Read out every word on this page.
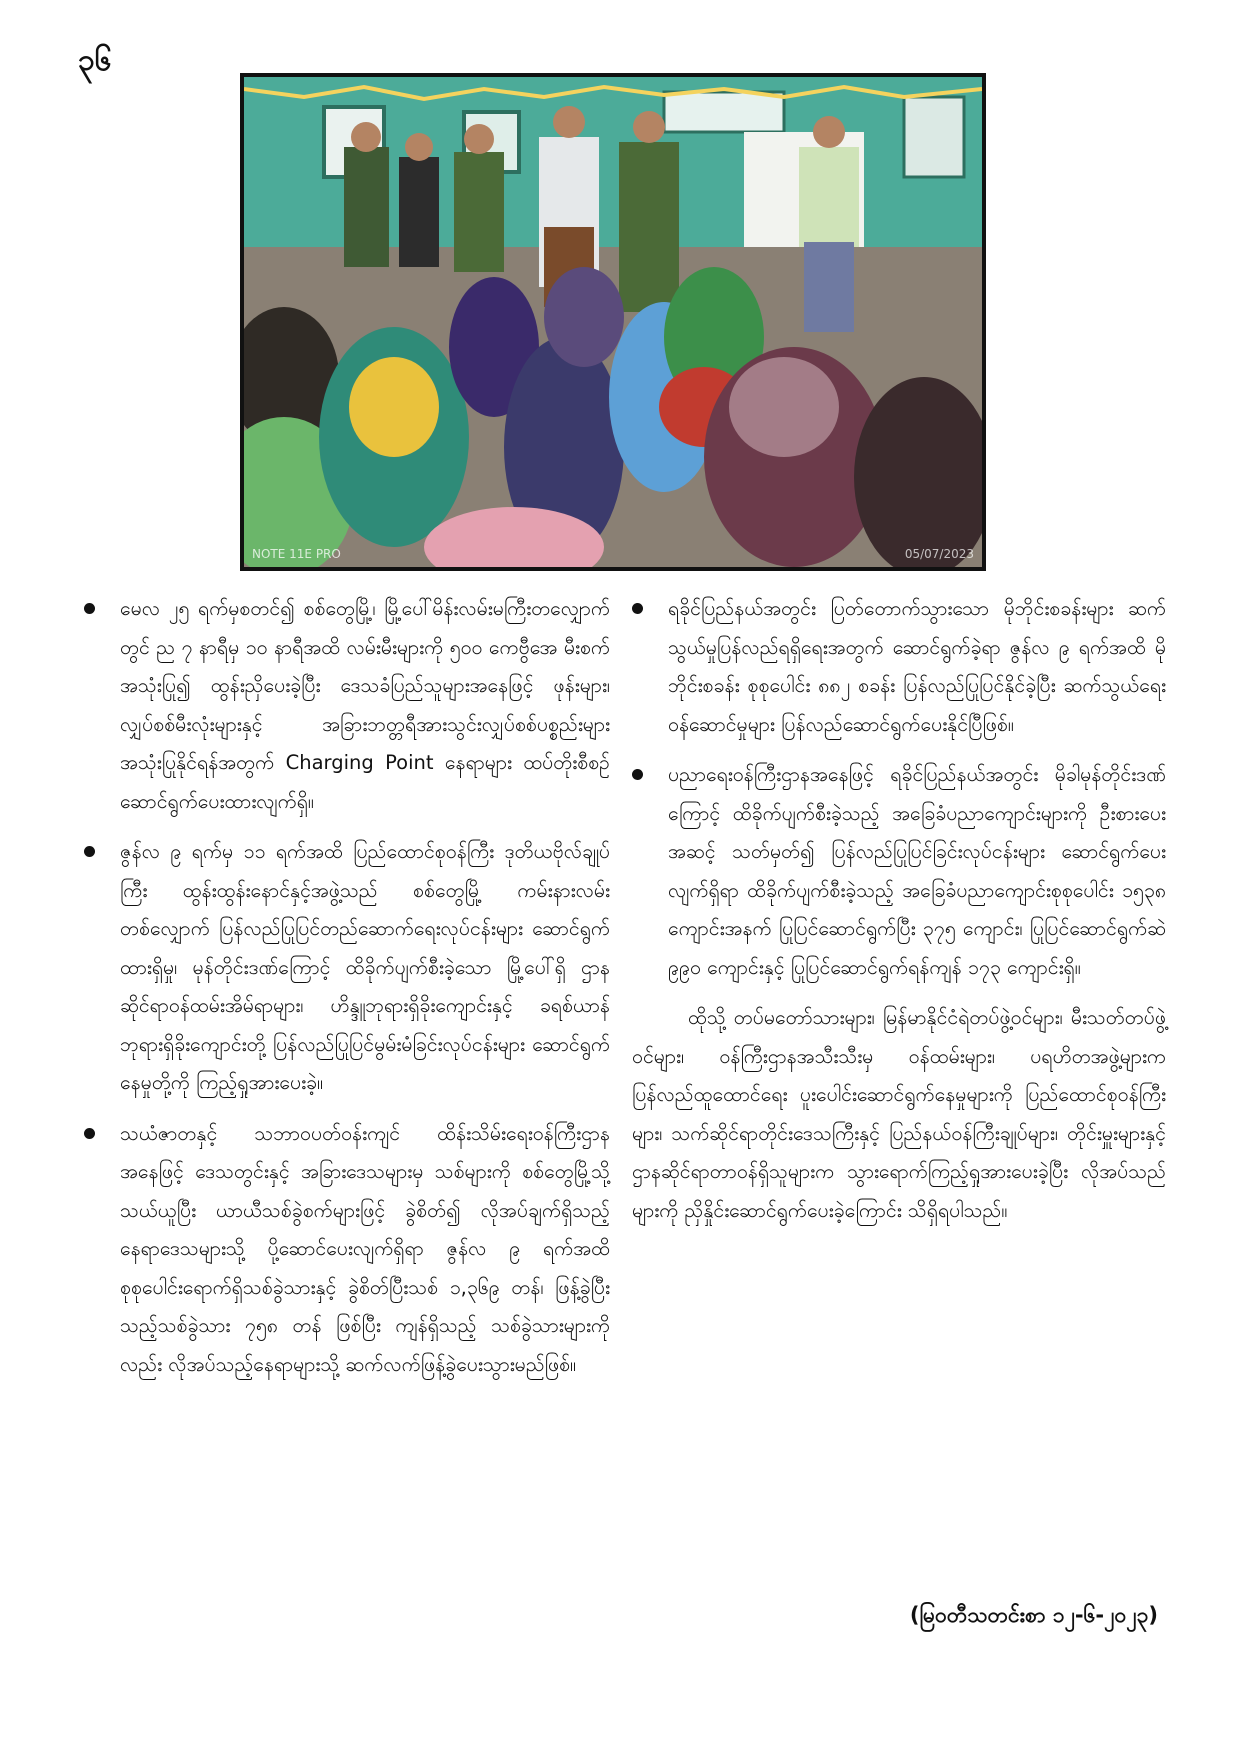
၃၆
NOTE 11E PRO	05/07/2023
မေလ ၂၅ ရက်မှစတင်၍ စစ်တွေမြို့၊ မြို့ပေါ်မိန်းလမ်းမကြီးတလျှောက်တွင် ည ၇ နာရီမှ ၁၀ နာရီအထိ လမ်းမီးများကို ၅၀၀ ကေဗွီအေ မီးစက်အသုံးပြု၍ ထွန်းညှိပေးခဲ့ပြီး ဒေသခံပြည်သူများအနေဖြင့် ဖုန်းများ၊ လျှပ်စစ်မီးလုံးများနှင့် အခြားဘတ္တရီအားသွင်းလျှပ်စစ်ပစ္စည်းများ အသုံးပြုနိုင်ရန်အတွက် Charging Point နေရာများ ထပ်တိုးစီစဉ်ဆောင်ရွက်ပေးထားလျက်ရှိ။
ဇွန်လ ၉ ရက်မှ ၁၁ ရက်အထိ ပြည်ထောင်စုဝန်ကြီး ဒုတိယဗိုလ်ချုပ်ကြီး ထွန်းထွန်းနောင်နှင့်အဖွဲ့သည် စစ်တွေမြို့ ကမ်းနားလမ်းတစ်လျှောက် ပြန်လည်ပြုပြင်တည်ဆောက်ရေးလုပ်ငန်းများ ဆောင်ရွက်ထားရှိမှု၊ မုန်တိုင်းဒဏ်ကြောင့် ထိခိုက်ပျက်စီးခဲ့သော မြို့ပေါ်ရှိ ဌာနဆိုင်ရာဝန်ထမ်းအိမ်ရာများ၊ ဟိန္ဒူဘုရားရှိခိုးကျောင်းနှင့် ခရစ်ယာန်ဘုရားရှိခိုးကျောင်းတို့ ပြန်လည်ပြုပြင်မွမ်းမံခြင်းလုပ်ငန်းများ ဆောင်ရွက်နေမှုတို့ကို ကြည့်ရှုအားပေးခဲ့။
သယံဇာတနှင့် သဘာဝပတ်ဝန်းကျင် ထိန်းသိမ်းရေးဝန်ကြီးဌာနအနေဖြင့် ဒေသတွင်းနှင့် အခြားဒေသများမှ သစ်များကို စစ်တွေမြို့သို့ သယ်ယူပြီး ယာယီသစ်ခွဲစက်များဖြင့် ခွဲစိတ်၍ လိုအပ်ချက်ရှိသည့် နေရာဒေသများသို့ ပို့ဆောင်ပေးလျက်ရှိရာ ဇွန်လ ၉ ရက်အထိ စုစုပေါင်းရောက်ရှိသစ်ခွဲသားနှင့် ခွဲစိတ်ပြီးသစ် ၁,၃၆၉ တန်၊ ဖြန့်ခွဲပြီးသည့်သစ်ခွဲသား ၇၅၈ တန် ဖြစ်ပြီး ကျန်ရှိသည့် သစ်ခွဲသားများကိုလည်း လိုအပ်သည့်နေရာများသို့ ဆက်လက်ဖြန့်ခွဲပေးသွားမည်ဖြစ်။
ရခိုင်ပြည်နယ်အတွင်း ပြတ်တောက်သွားသော မိုဘိုင်းစခန်းများ ဆက်သွယ်မှုပြန်လည်ရရှိရေးအတွက် ဆောင်ရွက်ခဲ့ရာ ဇွန်လ ၉ ရက်အထိ မိုဘိုင်းစခန်း စုစုပေါင်း ၈၈၂ စခန်း ပြန်လည်ပြုပြင်နိုင်ခဲ့ပြီး ဆက်သွယ်ရေးဝန်ဆောင်မှုများ ပြန်လည်ဆောင်ရွက်ပေးနိုင်ပြီဖြစ်။
ပညာရေးဝန်ကြီးဌာနအနေဖြင့် ရခိုင်ပြည်နယ်အတွင်း မိုခါမုန်တိုင်းဒဏ်ကြောင့် ထိခိုက်ပျက်စီးခဲ့သည့် အခြေခံပညာကျောင်းများကို ဦးစားပေးအဆင့် သတ်မှတ်၍ ပြန်လည်ပြုပြင်ခြင်းလုပ်ငန်းများ ဆောင်ရွက်ပေးလျက်ရှိရာ ထိခိုက်ပျက်စီးခဲ့သည့် အခြေခံပညာကျောင်းစုစုပေါင်း ၁၅၃၈ ကျောင်းအနက် ပြုပြင်ဆောင်ရွက်ပြီး ၃၇၅ ကျောင်း၊ ပြုပြင်ဆောင်ရွက်ဆဲ ၉၉၀ ကျောင်းနှင့် ပြုပြင်ဆောင်ရွက်ရန်ကျန် ၁၇၃ ကျောင်းရှိ။

ထိုသို့ တပ်မတော်သားများ၊ မြန်မာနိုင်ငံရဲတပ်ဖွဲ့ဝင်များ၊ မီးသတ်တပ်ဖွဲ့ဝင်များ၊ ဝန်ကြီးဌာနအသီးသီးမှ ဝန်ထမ်းများ၊ ပရဟိတအဖွဲ့များက ပြန်လည်ထူထောင်ရေး ပူးပေါင်းဆောင်ရွက်နေမှုများကို ပြည်ထောင်စုဝန်ကြီးများ၊ သက်ဆိုင်ရာတိုင်းဒေသကြီးနှင့် ပြည်နယ်ဝန်ကြီးချုပ်များ၊ တိုင်းမှူးများနှင့် ဌာနဆိုင်ရာတာဝန်ရှိသူများက သွားရောက်ကြည့်ရှုအားပေးခဲ့ပြီး လိုအပ်သည်များကို ညှိနှိုင်းဆောင်ရွက်ပေးခဲ့ကြောင်း သိရှိရပါသည်။

(မြဝတီသတင်းစာ ၁၂-၆-၂၀၂၃)
